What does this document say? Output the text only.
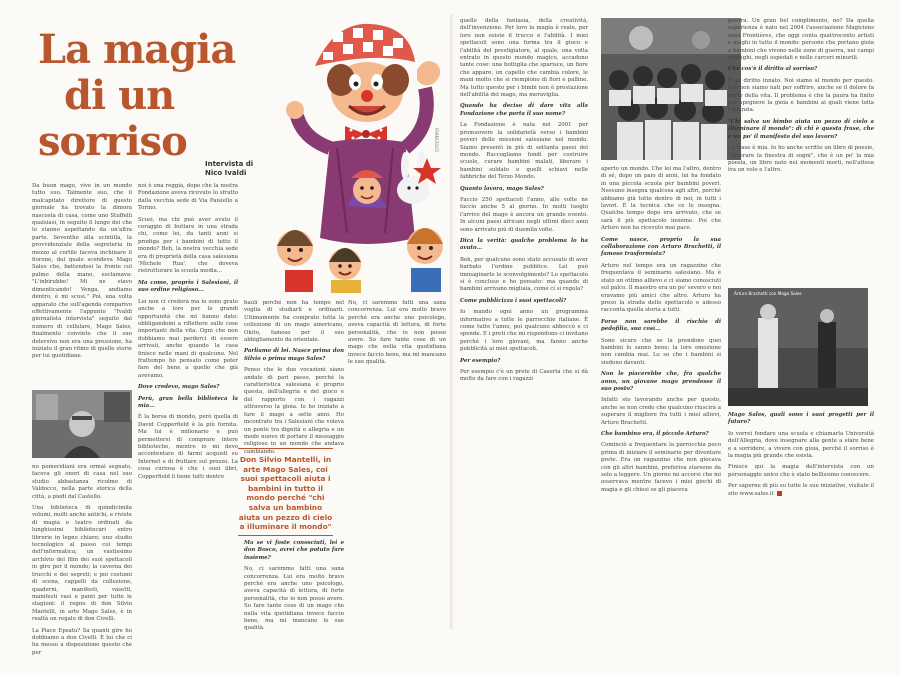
La magia
di un
sorriso	Intervista di
Nico Ivaldi
FRANCESCO

Da buon mago, vive in un mondo tutto suo. Talmente suo, che il malcapitato direttore di questo giornale ha trovato la dimora nascosta di casa, come uno Stuffelli qualsiasi, in seguito il lungo dei che lo stanno aspettando da un'altra parte. Seventhe alla scintilla, la provvidenziale della segreteria in mezzo al cortile faceva inchinare il fiorone, dal quale scendeva Mago Sales che, battendosi la fronte col palmo della mano, esclamava: "L'inbirubbe! Mi ne stavo dimenticando! Venga, andiamo dentro, è mi scusi." Poi, una volta apparato che sull'agenda comparivo effettivamente l'appunto "Ivaldi giornalista intervista" seguito dal numero di cellulare, Mago Sales, finalmente convinto che il suo detersivo non era una pressione, ha iniziato il gran ritmo di quelle storie per lui quotidiane.

no pomeridiani era ormai segnato, faceva gli onori di casa nel suo studio abbastanza ricolmo di Valdocco, nella parte storica della città, a piedi dal Castello.

Una biblioteca di quindicimila volumi, molti anche antichi, e riviste di magia e teatro ordinati da lunghissimi bibliotecari entro librerie in legno chiaro; uno studio tecnologico al passo coi tempi dell'informatica; un vastissimo archivio dei film dei suoi spettacoli in giro per il mondo; la caverna dei trucchi e dei segreti; e poi costumi di scena, cappelli da collezione, quaderni, manifesti, vasetti, manifesti vasi e panti per tutte le stagioni: il regno di don Silvio Mantelli, in arte Mago Sales, è in realtà un regalo di don Civelli.

La Piace Epsatu? Sa quanti gire ho dobbiamo a don Civelli. È lui che ci ha messo a disposizione questo che per

noi è una reggia, dopo che la nostra Fondazione aveva ricevuto lo sfratto dalla vecchia sede di Via Paisiello a Torino.

Scusi, ma chi può aver avuto il coraggio di buttare in una strada chi, come lei, da tanti anni si prodiga per i bambini di tutto il mondo? Beh, la nostra vecchia sede era di proprietà della casa salesiana 'Michele Rua', che doveva ristrutturare la scuola media...

Ma come, proprio i Salesiani, il suo ordine religioso...

Lei non ci crederà ma io sono grato anche a loro per le grandi opportunità che mi hanno dato: obbligandomi a riflettere sulle cose importanti della vita. Ogni che non dobbiamo mai perderci di essere arrivati, anche quando la casa finisce nelle mani di qualcuno. Nel frattempo ho pensato come poter fare del bene a quello che già avevamo.

Dove credevo, mago Sales?

Perù, gran bella biblioteca la mia...

È la borsa di mondo, però quella di David Copperfield è la più fornita. Ma lui è milionario e può permettersi di comprare intere biblioteche, mentre io mi devo accontentare di farmi acquisti su Internet e di fruttare sul prezzo. La cosa curiosa è che i suoi libri, Copperfield li tiene tutti dentro

bauli perché non ha tempo nel voglia di studiarli e ordinarli. Ultimamente ha comprato tutta la collezione di un mago americano, Okito, famoso per il suo abbigliamento da orientale.

Parliamo di lei. Nasce prima don Silvio o prima mago Sales?

Penso che le due vocazioni siano andate di pari passo, perché la caratteristica salesiana è proprio questa, dell'allegria e del gioco e del rapporto con i ragazzi attraverso la gioia. Io ho iniziato a fare il mago a sette anni. Ho incontrato tra i Salesiani che voleva un ponte tra dignità e allegria e un modo nuovo di portare il messaggio religioso in un mondo che andava cambiando.

Don Silvio Mantelli, in arte Mago Sales, coi suoi spettacoli aiuta i bambini in tutto il mondo perché "chi salva un bambino aiuta un pezzo di cielo a illuminare il mondo"

Ma se vi foste conosciuti, lei e don Bosco, avrei che potuto fare insieme?

No, ci saremmo fatti una sana concorrenza. Lui era molto bravo perché era anche uno psicologo, aveva capacità di lettura, di forte personalità, che io non posso avere. So fare tante cose di un mago che nella vita quotidiana invece faccio bene, ma mi mancano le sue qualità.

No, ci saremmo fatti una sana concorrenza. Lui era molto bravo perché era anche uno psicologo, aveva capacità di lettura, di forte personalità, che io non posso avere. So fare tante cose di un mago che nella vita quotidiana invece faccio bene, ma mi mancano le sue qualità.

quello della fantasia, della creatività, dell'invenzione. Per loro la magia è reale, per loro non esiste il trucco e l'abilità. I miei spettacoli sono una forma tra il gioco e l'abilità del prestigiatore, al quale, una volta entrato in questo mondo magico, accadono tante cose: una bottiglia che sparisce, un fiore che appare, un capello che cambia colore, le mani molto che si riempiono di fiori e palline. Ma tutto questo per i bimbi non è prestazione dell'abilità del mago, ma meraviglia.

Quando ha deciso di dare vita alla Fondazione che porta il suo nome?

La Fondazione è nata nel 2001 per promuovere la solidarietà verso i bambini poveri delle missioni salesiane nel mondo. Siamo presenti in più di settanta paesi del mondo. Raccogliamo fondi per costruire scuole, curare bambini malati, liberare i bambini soldato e quelli schiavi nelle fabbriche del Terzo Mondo.

Quanto lavora, mago Sales?

Faccio 250 spettacoli l'anno, alle volte ne faccio anche 5 al giorno. In molti luoghi l'arrivo del mago è ancora un grande evento. In alcuni paesi africani negli ultimi dieci anni sono arrivato più di duemila volte.

Dica la verità: qualche problema lo ha avuto...

Beh, per qualcuno sono stato accusato di aver barbato l'ordine pubblico. Lei può immaginarlo lo sconvolgimento? Lo spettacolo si è concluso e ho pensato: ma quando di bambini arrivano migliaia, come ci si regola?

Come pubblicizza i suoi spettacoli?

Io mando ogni anno un programma informativo a tutte le parrocchie italiane. È come tutte l'anno, poi qualcuno abboccò e ci spende. E i preti che mi rispondono ci invitano perché i loro giovani, ma fanno anche pubblicità ai miei spettacoli.

Per esempio?

Per esempio c'è un prete di Caserta che si dà molto da fare con i ragazzi

aperto un mondo. Che lei ma l'altro, dentro di sé, dopo un paio di anni, lui ha fondato in una piccola scuola per bambini poveri. Nessuno insegna qualcosa agli altri, perché abbiamo già tutto dentro di noi, in tutti i lavori. È la tecnica che ce le insegna. Qualche tempo dopo era arrivato, che se sarà il più spettacolo insieme. Poi che Arturo non ha ricevuto mai pace.

Come nasce, proprio la sua collaborazione con Arturo Brachetti, il famoso trasformista?

Arturo nel tempo era un ragazzino che frequentava il seminario salesiano. Ma è stato un ottimo allievo e ci siamo conosciuti sul palco. Il maestro era un po' severo e noi eravamo più amici che altro. Arturo ha preso la strada dello spettacolo e adesso racconta quella storia a tutti.

Forse non sarebbe il rischio di pedofilia, sua così...

Sono sicuro che se la prendono quei bambini lo sanno bene; la loro emozione non cambia mai. Lo so che i bambini si siedono davanti.

Non le piacerebbe che, fra qualche anno, un giovane mago prendesse il suo posto?

Infatti sto lavorando anche per questo, anche se non credo che qualcuno riuscirà a superare il migliore fra tutti i miei allievi, Arturo Brachetti.

Che bambino era, il piccolo Arturo?

Cominciò a frequentare la parrocchia poco prima di iniziare il seminario per diventare prete. Era un ragazzino che non giocava con gli altri bambini, preferiva starsene da solo a leggere. Un giorno mi accorsi che mi osservava mentre facevo i miei giochi di magia e gli chiesi se gli piaceva

guerra. Un gran bel complimento, no? Da quella esperienza è nato nel 2004 l'associazione Magiciens sans Frontières, che oggi conta quattrocento artisti e maghi in tutto il mondo: persone che portano gioia a bambini che vivono nelle zone di guerra, nei campi profughi, negli ospedali e nelle carceri minorili.

Che cos'è il diritto al sorriso?

È un diritto innato. Noi siamo al mondo per questo. Noi non siamo nati per soffrire, anche se il dolore fa parte della vita. Il problema è che la paura ha finito per spegnere la gioia e bambini ai quali viene tolta l'infanzia.

"Chi salva un bimbo aiuta un pezzo di cielo a illuminare il mondo": di chi è questa frase, che è un po' il manifesto del suo lavoro?

La frase è mia. Io ho anche scritto un libro di poesie, "Ignorare la finestra di sogni", che è un po' la mia poesia, un libro nato nei momenti morti, nell'attesa tra un volo e l'altro.

Arturo Brachetti con Mago Sales

Mago Sales, quali sono i suoi progetti per il futuro?

Io vorrei fondare una scuola e chiamarla Università dell'Allegria, dove insegnare alla gente a stare bene e a sorridere, a vivere con gioia, perché il sorriso è la magia più grande che esista.

Finisce qui la magia dell'intervista con un personaggio unico che è stato bellissimo conoscere.

Per saperne di più su tutte le sue iniziative, visitate il sito www.sales.it
